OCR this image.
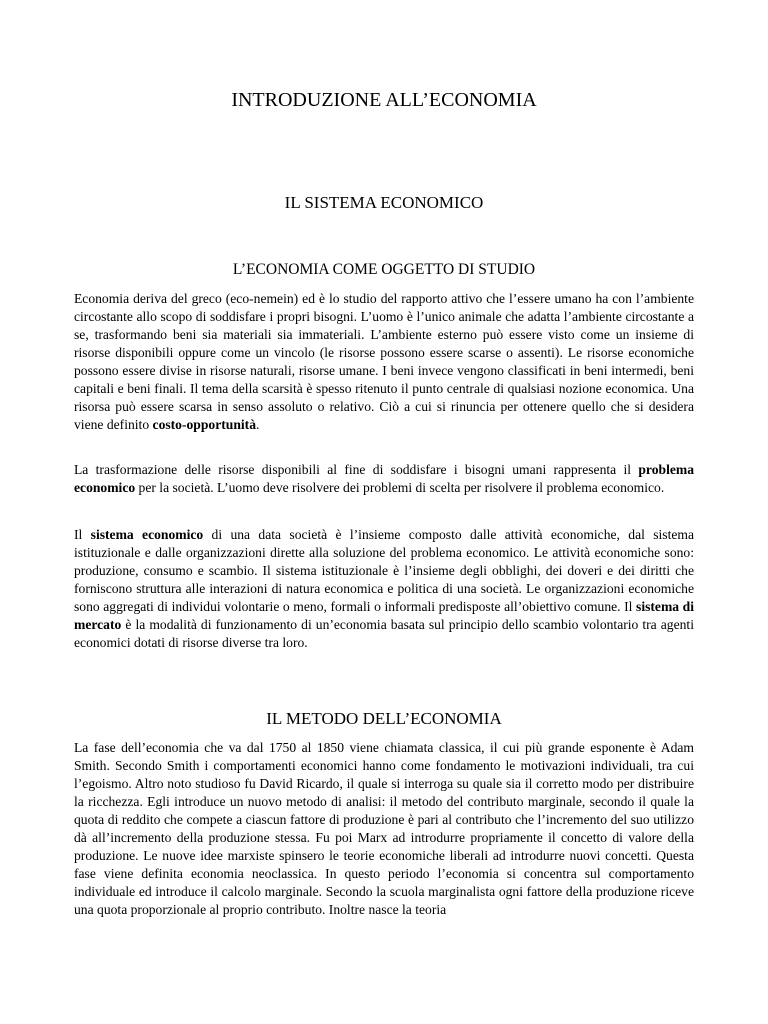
INTRODUZIONE ALL’ECONOMIA
IL SISTEMA ECONOMICO
L’ECONOMIA COME OGGETTO DI STUDIO

Economia deriva del greco (eco-nemein) ed è lo studio del rapporto attivo che l’essere umano ha con l’ambiente circostante allo scopo di soddisfare i propri bisogni. L’uomo è l’unico animale che adatta l’ambiente circostante a se, trasformando beni sia materiali sia immateriali. L’ambiente esterno può essere visto come un insieme di risorse disponibili oppure come un vincolo (le risorse possono essere scarse o assenti). Le risorse economiche possono essere divise in risorse naturali, risorse umane. I beni invece vengono classificati in beni intermedi, beni capitali e beni finali. Il tema della scarsità è spesso ritenuto il punto centrale di qualsiasi nozione economica. Una risorsa può essere scarsa in senso assoluto o relativo. Ciò a cui si rinuncia per ottenere quello che si desiderа viene definito costo-opportunità.

La trasformazione delle risorse disponibili al fine di soddisfare i bisogni umani rappresenta il problema economico per la società. L’uomo deve risolvere dei problemi di scelta per risolvere il problema economico.

Il sistema economico di una data società è l’insieme composto dalle attività economiche, dal sistema istituzionale e dalle organizzazioni dirette alla soluzione del problema economico. Le attività economiche sono: produzione, consumo e scambio. Il sistema istituzionale è l’insieme degli obblighi, dei doveri e dei diritti che forniscono struttura alle interazioni di natura economica e politica di una società. Le organizzazioni economiche sono aggregati di individui volontarie o meno, formali o informali predisposte all’obiettivo comune. Il sistema di mercato è la modalità di funzionamento di un’economia basata sul principio dello scambio volontario tra agenti economici dotati di risorse diverse tra loro.

IL METODO DELL’ECONOMIA

La fase dell’economia che va dal 1750 al 1850 viene chiamata classica, il cui più grande esponente è Adam Smith. Secondo Smith i comportamenti economici hanno come fondamento le motivazioni individuali, tra cui l’egoismo. Altro noto studioso fu David Ricardo, il quale si interroga su quale sia il corretto modo per distribuire la ricchezza. Egli introduce un nuovo metodo di analisi: il metodo del contributo marginale, secondo il quale la quota di reddito che compete a ciascun fattore di produzione è pari al contributo che l’incremento del suo utilizzo dà all’incremento della produzione stessa. Fu poi Marx ad introdurre propriamente il concetto di valore della produzione. Le nuove idee marxiste spinsero le teorie economiche liberali ad introdurre nuovi concetti. Questa fase viene definita economia neoclassica. In questo periodo l’economia si concentra sul comportamento individuale ed introduce il calcolo marginale. Secondo la scuola marginalista ogni fattore della produzione riceve una quota proporzionale al proprio contributo. Inoltre nasce la teoria
